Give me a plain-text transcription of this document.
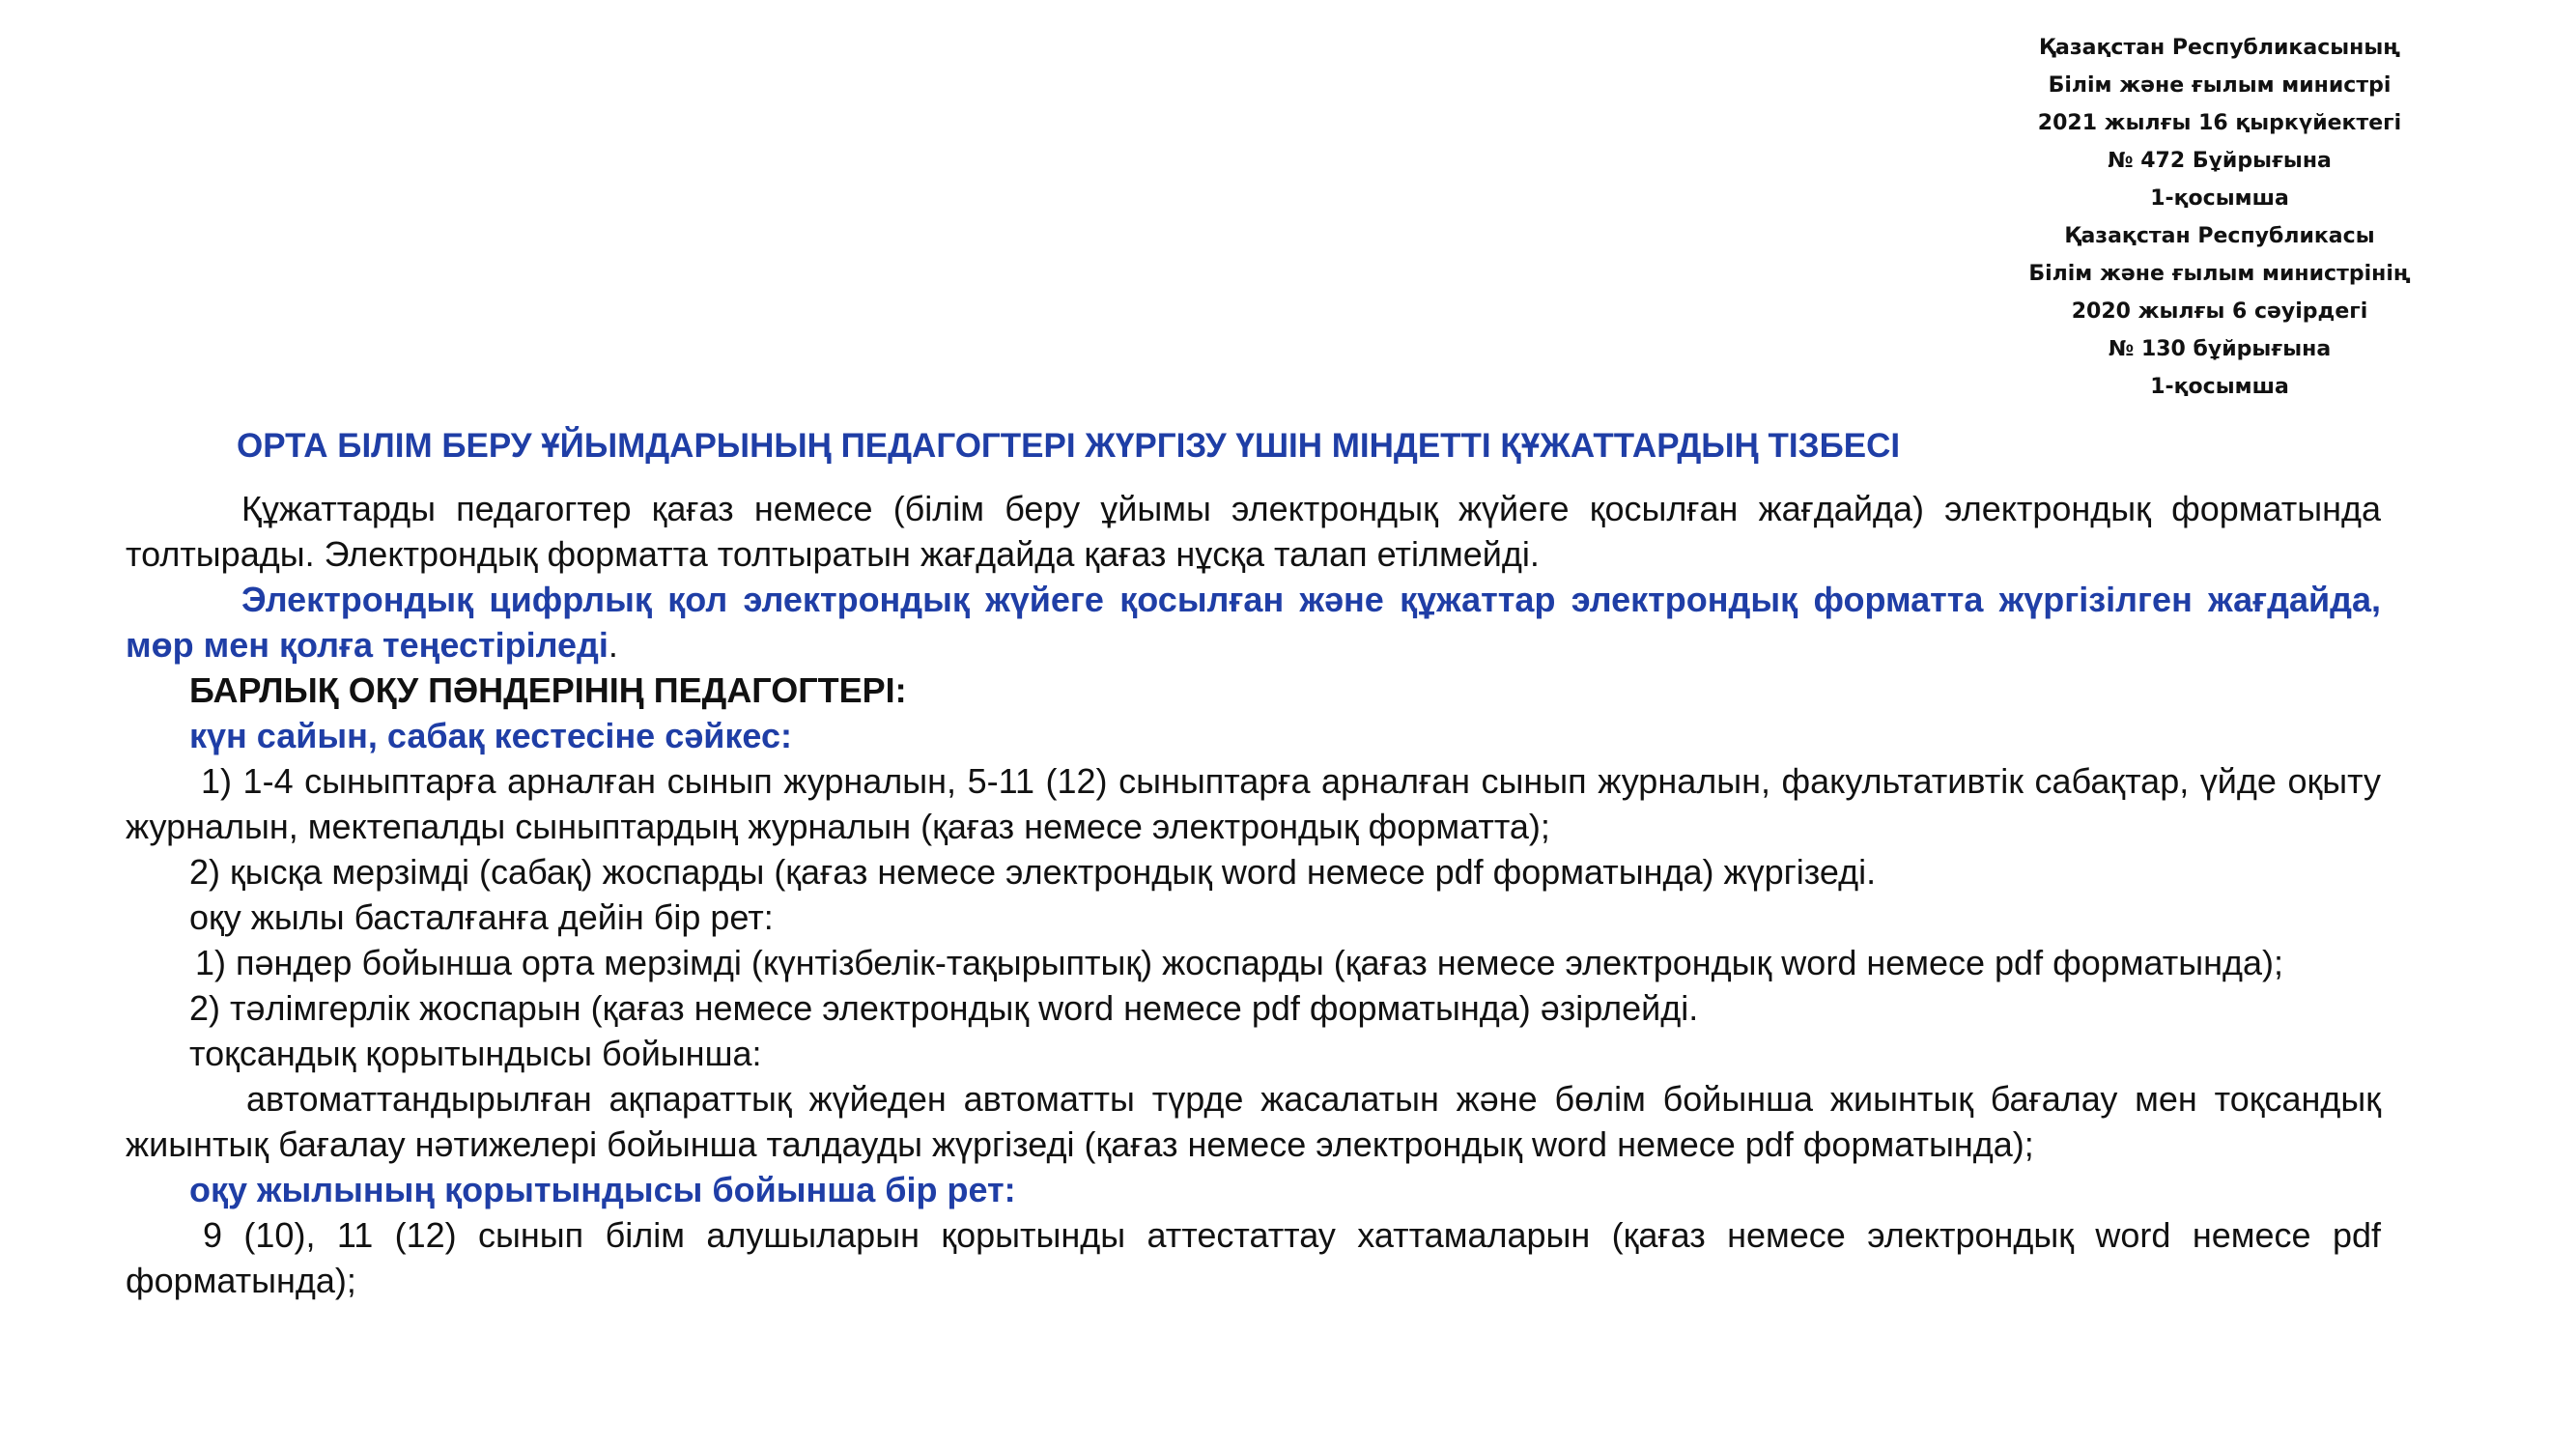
Қазақстан Республикасының
Білім және ғылым министрі
2021 жылғы 16 қыркүйектегі
№ 472 Бұйрығына
1-қосымша
Қазақстан Республикасы
Білім және ғылым министрінің
2020 жылғы 6 сәуірдегі
№ 130 бұйрығына
1-қосымша
ОРТА БІЛІМ БЕРУ ҰЙЫМДАРЫНЫҢ ПЕДАГОГТЕРІ ЖҮРГІЗУ ҮШІН МІНДЕТТІ ҚҰЖАТТАРДЫҢ ТІЗБЕСІ

Құжаттарды педагогтер қағаз немесе (білім беру ұйымы электрондық жүйеге қосылған жағдайда) электрондық форматында толтырады. Электрондық форматта толтыратын жағдайда қағаз нұсқа талап етілмейді.

Электрондық цифрлық қол электрондық жүйеге қосылған және құжаттар электрондық форматта жүргізілген жағдайда, мөр мен қолға теңестіріледі.

БАРЛЫҚ ОҚУ ПӘНДЕРІНІҢ ПЕДАГОГТЕРІ:

күн сайын, сабақ кестесіне сәйкес:

1) 1-4 сыныптарға арналған сынып журналын, 5-11 (12) сыныптарға арналған сынып журналын, факультативтік сабақтар, үйде оқыту журналын, мектепалды сыныптардың журналын (қағаз немесе электрондық форматта);

2) қысқа мерзімді (сабақ) жоспарды (қағаз немесе электрондық word немесе pdf форматында) жүргізеді.

оқу жылы басталғанға дейін бір рет:

1) пәндер бойынша орта мерзімді (күнтізбелік-тақырыптық) жоспарды (қағаз немесе электрондық word немесе pdf форматында);

2) тәлімгерлік жоспарын (қағаз немесе электрондық word немесе pdf форматында) әзірлейді.

тоқсандық қорытындысы бойынша:

автоматтандырылған ақпараттық жүйеден автоматты түрде жасалатын және бөлім бойынша жиынтық бағалау мен тоқсандық жиынтық бағалау нәтижелері бойынша талдауды жүргізеді (қағаз немесе электрондық word немесе pdf форматында);

оқу жылының қорытындысы бойынша бір рет:

9 (10), 11 (12) сынып білім алушыларын қорытынды аттестаттау хаттамаларын (қағаз немесе электрондық word немесе pdf форматында);
